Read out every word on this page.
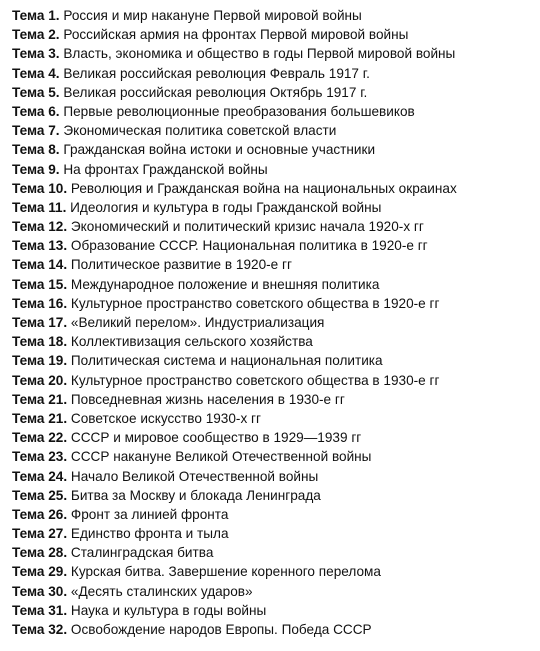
Тема 1. Россия и мир накануне Первой мировой войны
Тема 2. Российская армия на фронтах Первой мировой войны
Тема 3. Власть, экономика и общество в годы Первой мировой войны
Тема 4. Великая российская революция Февраль 1917 г.
Тема 5. Великая российская революция Октябрь 1917 г.
Тема 6. Первые революционные преобразования большевиков
Тема 7. Экономическая политика советской власти
Тема 8. Гражданская война истоки и основные участники
Тема 9. На фронтах Гражданской войны
Тема 10. Революция и Гражданская война на национальных окраинах
Тема 11. Идеология и культура в годы Гражданской войны
Тема 12. Экономический и политический кризис начала 1920-х гг
Тема 13. Образование СССР. Национальная политика в 1920-е гг
Тема 14. Политическое развитие в 1920-е гг
Тема 15. Международное положение и внешняя политика
Тема 16. Культурное пространство советского общества в 1920-е гг
Тема 17. «Великий перелом». Индустриализация
Тема 18. Коллективизация сельского хозяйства
Тема 19. Политическая система и национальная политика
Тема 20. Культурное пространство советского общества в 1930-е гг
Тема 21. Повседневная жизнь населения в 1930-е гг
Тема 21. Советское искусство 1930-х гг
Тема 22. СССР и мировое сообщество в 1929—1939 гг
Тема 23. СССР накануне Великой Отечественной войны
Тема 24. Начало Великой Отечественной войны
Тема 25. Битва за Москву и блокада Ленинграда
Тема 26. Фронт за линией фронта
Тема 27. Единство фронта и тыла
Тема 28. Сталинградская битва
Тема 29. Курская битва. Завершение коренного перелома
Тема 30. «Десять сталинских ударов»
Тема 31. Наука и культура в годы войны
Тема 32. Освобождение народов Европы. Победа СССР
